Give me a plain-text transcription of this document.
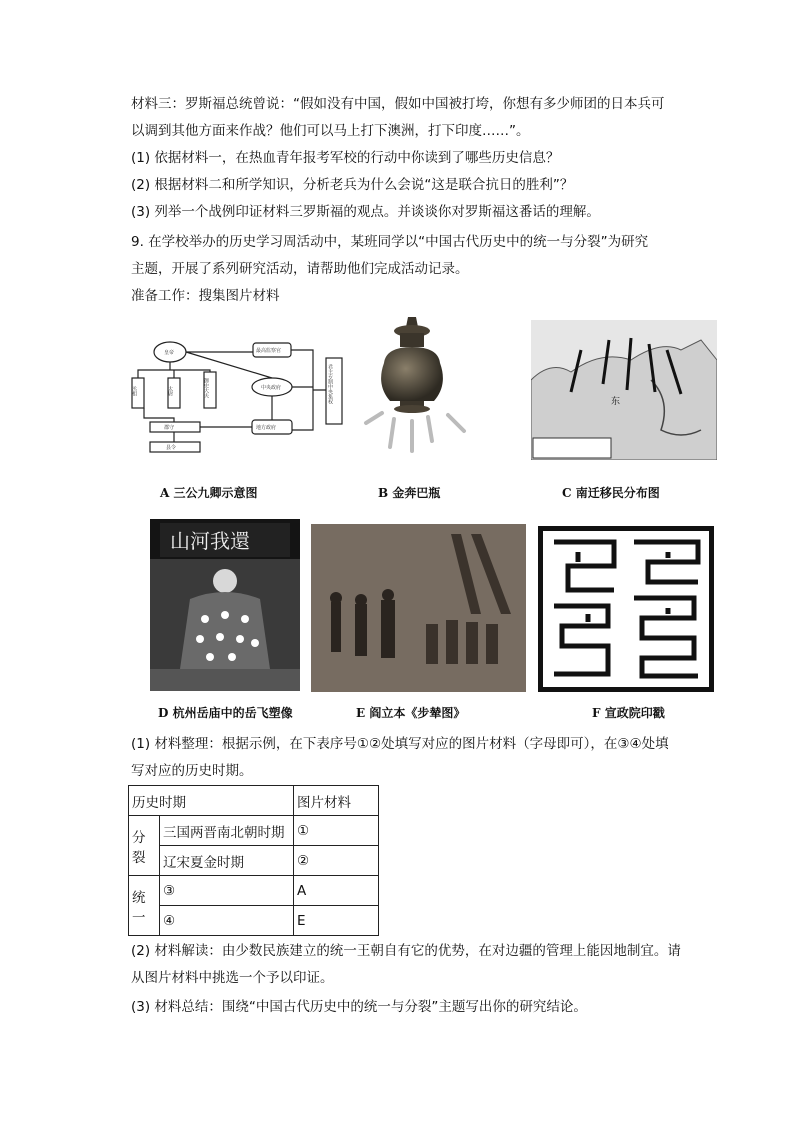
材料三：罗斯福总统曾说：“假如没有中国，假如中国被打垮，你想有多少师团的日本兵可
以调到其他方面来作战？他们可以马上打下澳洲，打下印度……”。
(1) 依据材料一，在热血青年报考军校的行动中你读到了哪些历史信息？
(2) 根据材料二和所学知识，分析老兵为什么会说“这是联合抗日的胜利”？
(3) 列举一个战例印证材料三罗斯福的观点。并谈谈你对罗斯福这番话的理解。
9. 在学校举办的历史学习周活动中，某班同学以“中国古代历史中的统一与分裂”为研究
主题，开展了系列研究活动，请帮助他们完成活动记录。
准备工作：搜集图片材料
皇帝	最高监察官
中央政府
地方政府
郡守
县令
丞相	太尉	御史大夫	君主专制中央集权
A 三公九卿示意图	B 金奔巴瓶
东
C 南迁移民分布图
山河我還
D 杭州岳庙中的岳飞塑像	E 阎立本《步辇图》	F 宣政院印戳
(1) 材料整理：根据示例，在下表序号①②处填写对应的图片材料（字母即可），在③④处填
写对应的历史时期。
历史时期		图片材料
分裂	三国两晋南北朝时期	①
	辽宋夏金时期	②
统一	③	A
	④	E
(2) 材料解读：由少数民族建立的统一王朝自有它的优势，在对边疆的管理上能因地制宜。请
从图片材料中挑选一个予以印证。
(3) 材料总结：围绕“中国古代历史中的统一与分裂”主题写出你的研究结论。
